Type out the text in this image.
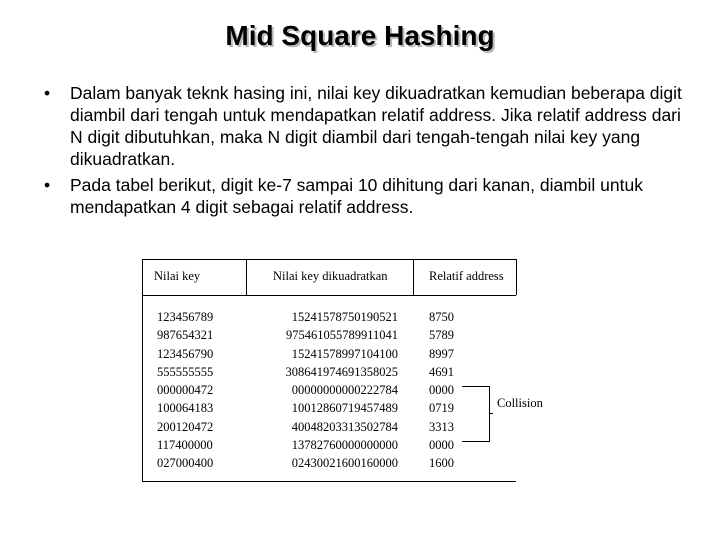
Mid Square Hashing
• Dalam banyak teknk hasing ini, nilai key dikuadratkan kemudian beberapa digit diambil dari tengah untuk mendapatkan relatif address. Jika relatif address dari N digit dibutuhkan, maka N digit diambil dari tengah-tengah nilai key yang dikuadratkan.
• Pada tabel berikut, digit ke-7 sampai 10 dihitung dari kanan, diambil untuk mendapatkan 4 digit sebagai relatif address.
Nilai key	Nilai key dikuadratkan	Relatif address
123456789
987654321
123456790
555555555
000000472
100064183
200120472
117400000
027000400
15241578750190521
975461055789911041
15241578997104100
308641974691358025
00000000000222784
10012860719457489
40048203313502784
13782760000000000
02430021600160000
8750
5789
8997
4691
0000
0719
3313
0000
1600
Collision
